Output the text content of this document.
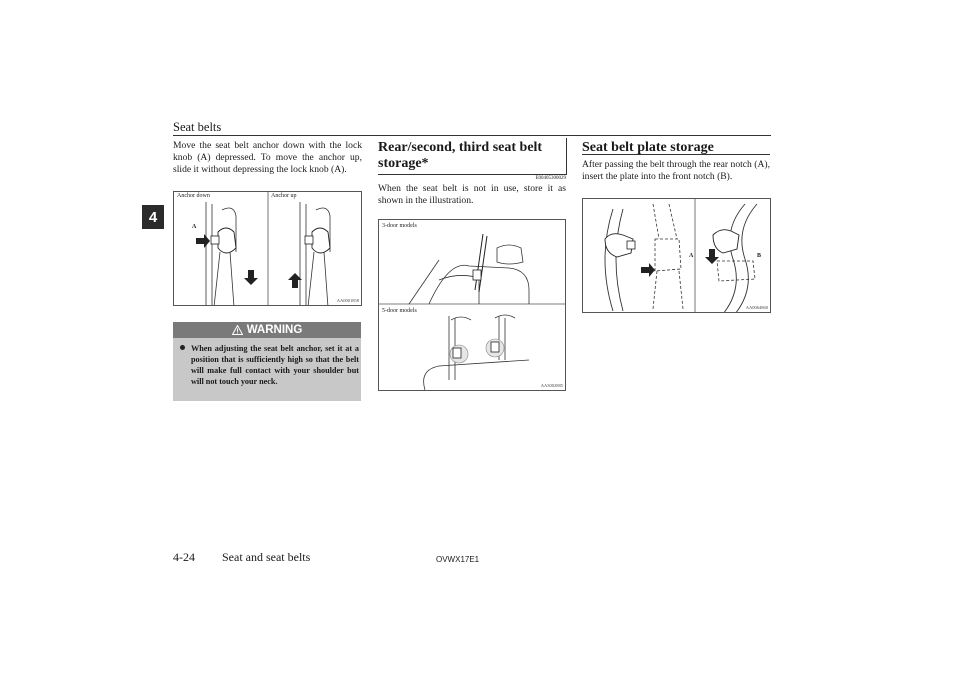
Seat belts
4
Move the seat belt anchor down with the lock knob (A) depressed. To move the anchor up, slide it without depressing the lock knob (A).
Anchor down	Anchor up
A
AA0001858
WARNING
When adjusting the seat belt anchor, set it at a position that is sufficiently high so that the belt will make full contact with your shoulder but will not touch your neck.
Rear/second, third seat belt storage*
E00405300029
When the seat belt is not in use, store it as shown in the illustration.
3-door models
5-door models
AA3002885
Seat belt plate storage
After passing the belt through the rear notch (A), insert the plate into the front notch (B).
A	B
AA0064860
4-24 Seat and seat belts	OVWX17E1
